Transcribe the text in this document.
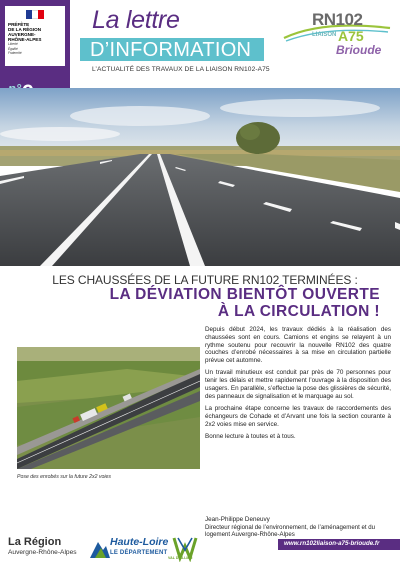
PRÉFÈTE
DE LA RÉGION
AUVERGNE-
RHÔNE-ALPES
Liberté
Égalité
Fraternité
La lettre
D’INFORMATION
L’ACTUALITÉ DES TRAVAUX DE LA LIAISON RN102-A75
RN102
LIAISON A75
Brioude
LES CHAUSSÉES DE LA FUTURE RN102 TERMINÉES :
LA DÉVIATION BIENTÔT OUVERTE
À LA CIRCULATION !
Pose des enrobés sur la future 2x2 voies

Depuis début 2024, les travaux dédiés à la réalisation des chaussées sont en cours. Camions et engins se relayent à un rythme soutenu pour recouvrir la nouvelle RN102 des quatre couches d’enrobé nécessaires à sa mise en circulation partielle prévue cet automne.

Un travail minutieux est conduit par près de 70 personnes pour tenir les délais et mettre rapidement l’ouvrage à la disposition des usagers. En parallèle, s’effectue la pose des glissières de sécurité, des panneaux de signalisation et le marquage au sol.

La prochaine étape concerne les travaux de raccordements des échangeurs de Cohade et d’Arvant une fois la section courante à 2x2 voies mise en service.

Bonne lecture à toutes et à tous.

Jean-Philippe Deneuvy
Directeur régional de l’environnement, de l’aménagement et du logement Auvergne-Rhône-Alpes
La Région
Auvergne-Rhône-Alpes
Haute-Loire
LE DÉPARTEMENT
VAL D’ALLIER
www.rn102liaison-a75-brioude.fr
